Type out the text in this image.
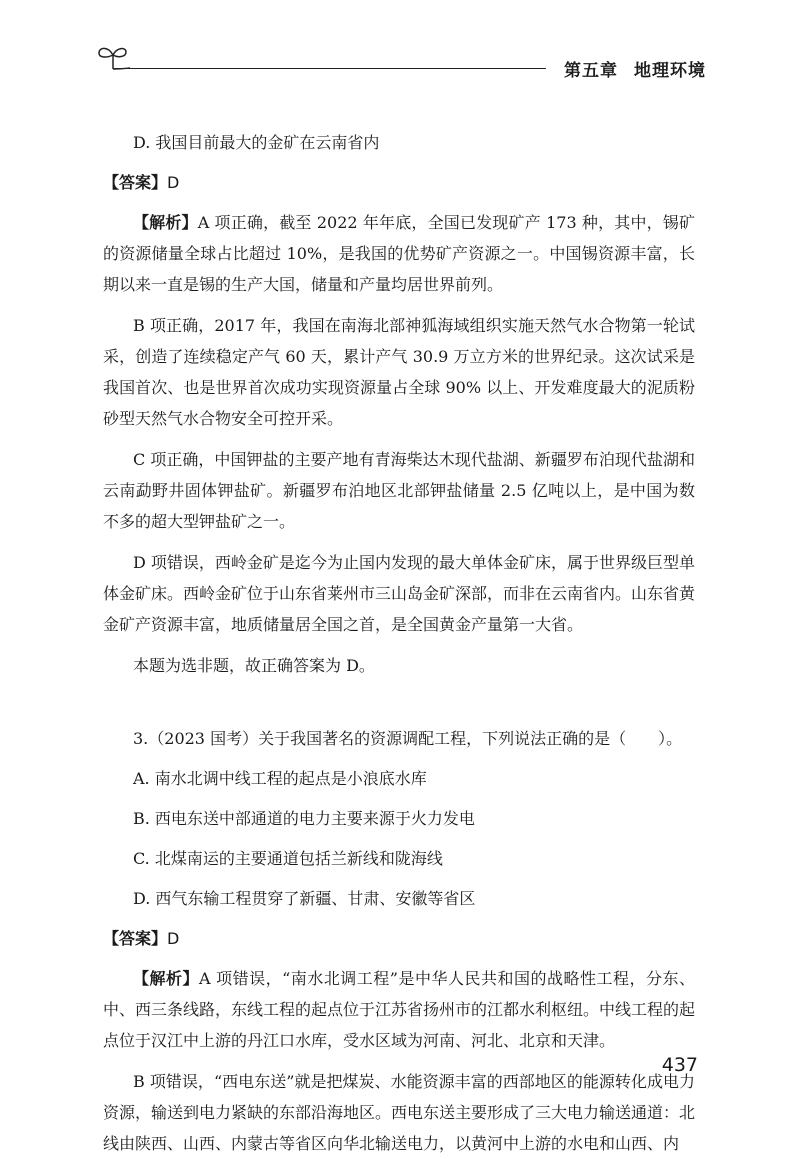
第五章 地理环境

D. 我国目前最大的金矿在云南省内

【答案】D

【解析】A 项正确，截至 2022 年年底，全国已发现矿产 173 种，其中，锡矿的资源储量全球占比超过 10%，是我国的优势矿产资源之一。中国锡资源丰富，长期以来一直是锡的生产大国，储量和产量均居世界前列。

B 项正确，2017 年，我国在南海北部神狐海域组织实施天然气水合物第一轮试采，创造了连续稳定产气 60 天，累计产气 30.9 万立方米的世界纪录。这次试采是我国首次、也是世界首次成功实现资源量占全球 90% 以上、开发难度最大的泥质粉砂型天然气水合物安全可控开采。

C 项正确，中国钾盐的主要产地有青海柴达木现代盐湖、新疆罗布泊现代盐湖和云南勐野井固体钾盐矿。新疆罗布泊地区北部钾盐储量 2.5 亿吨以上，是中国为数不多的超大型钾盐矿之一。

D 项错误，西岭金矿是迄今为止国内发现的最大单体金矿床，属于世界级巨型单体金矿床。西岭金矿位于山东省莱州市三山岛金矿深部，而非在云南省内。山东省黄金矿产资源丰富，地质储量居全国之首，是全国黄金产量第一大省。

本题为选非题，故正确答案为 D。

3.（2023 国考）关于我国著名的资源调配工程，下列说法正确的是（　　）。

A. 南水北调中线工程的起点是小浪底水库

B. 西电东送中部通道的电力主要来源于火力发电

C. 北煤南运的主要通道包括兰新线和陇海线

D. 西气东输工程贯穿了新疆、甘肃、安徽等省区

【答案】D

【解析】A 项错误，“南水北调工程”是中华人民共和国的战略性工程，分东、中、西三条线路，东线工程的起点位于江苏省扬州市的江都水利枢纽。中线工程的起点位于汉江中上游的丹江口水库，受水区域为河南、河北、北京和天津。

B 项错误，“西电东送”就是把煤炭、水能资源丰富的西部地区的能源转化成电力资源，输送到电力紧缺的东部沿海地区。西电东送主要形成了三大电力输送通道：北线由陕西、山西、内蒙古等省区向华北输送电力，以黄河中上游的水电和山西、内

437
